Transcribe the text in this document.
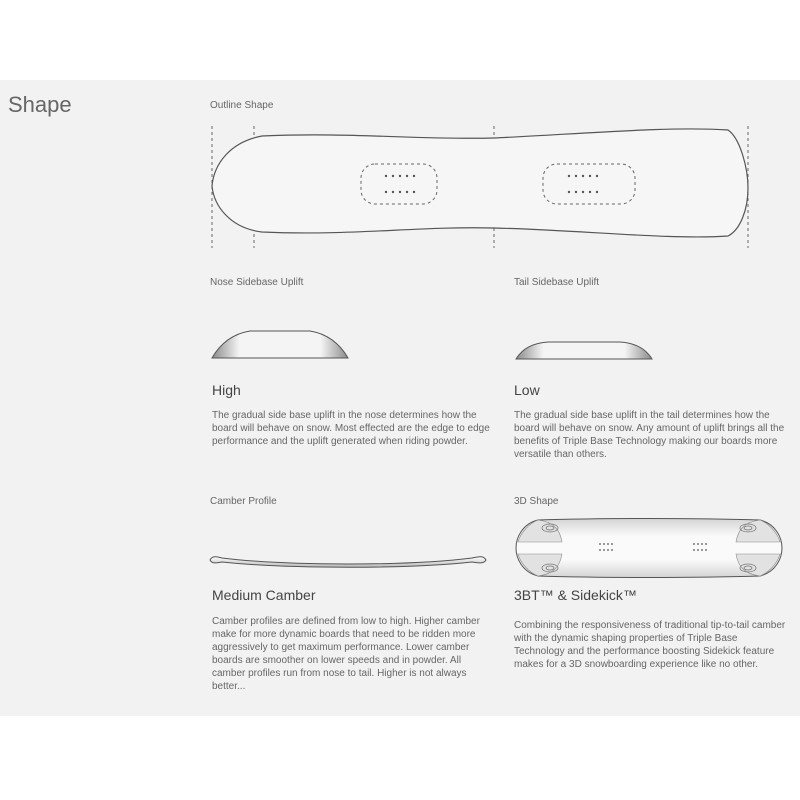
Shape	Outline Shape
Nose Sidebase Uplift
High
The gradual side base uplift in the nose determines how the board will behave on snow. Most effected are the edge to edge performance and the uplift generated when riding powder.
Tail Sidebase Uplift
Low
The gradual side base uplift in the tail determines how the board will behave on snow. Any amount of uplift brings all the benefits of Triple Base Technology making our boards more versatile than others.
Camber Profile
Medium Camber
Camber profiles are defined from low to high. Higher camber make for more dynamic boards that need to be ridden more aggressively to get maximum performance. Lower camber boards are smoother on lower speeds and in powder. All camber profiles run from nose to tail. Higher is not always better...
3D Shape
3BT™ & Sidekick™
Combining the responsiveness of traditional tip-to-tail camber with the dynamic shaping properties of Triple Base Technology and the performance boosting Sidekick feature makes for a 3D snowboarding experience like no other.
